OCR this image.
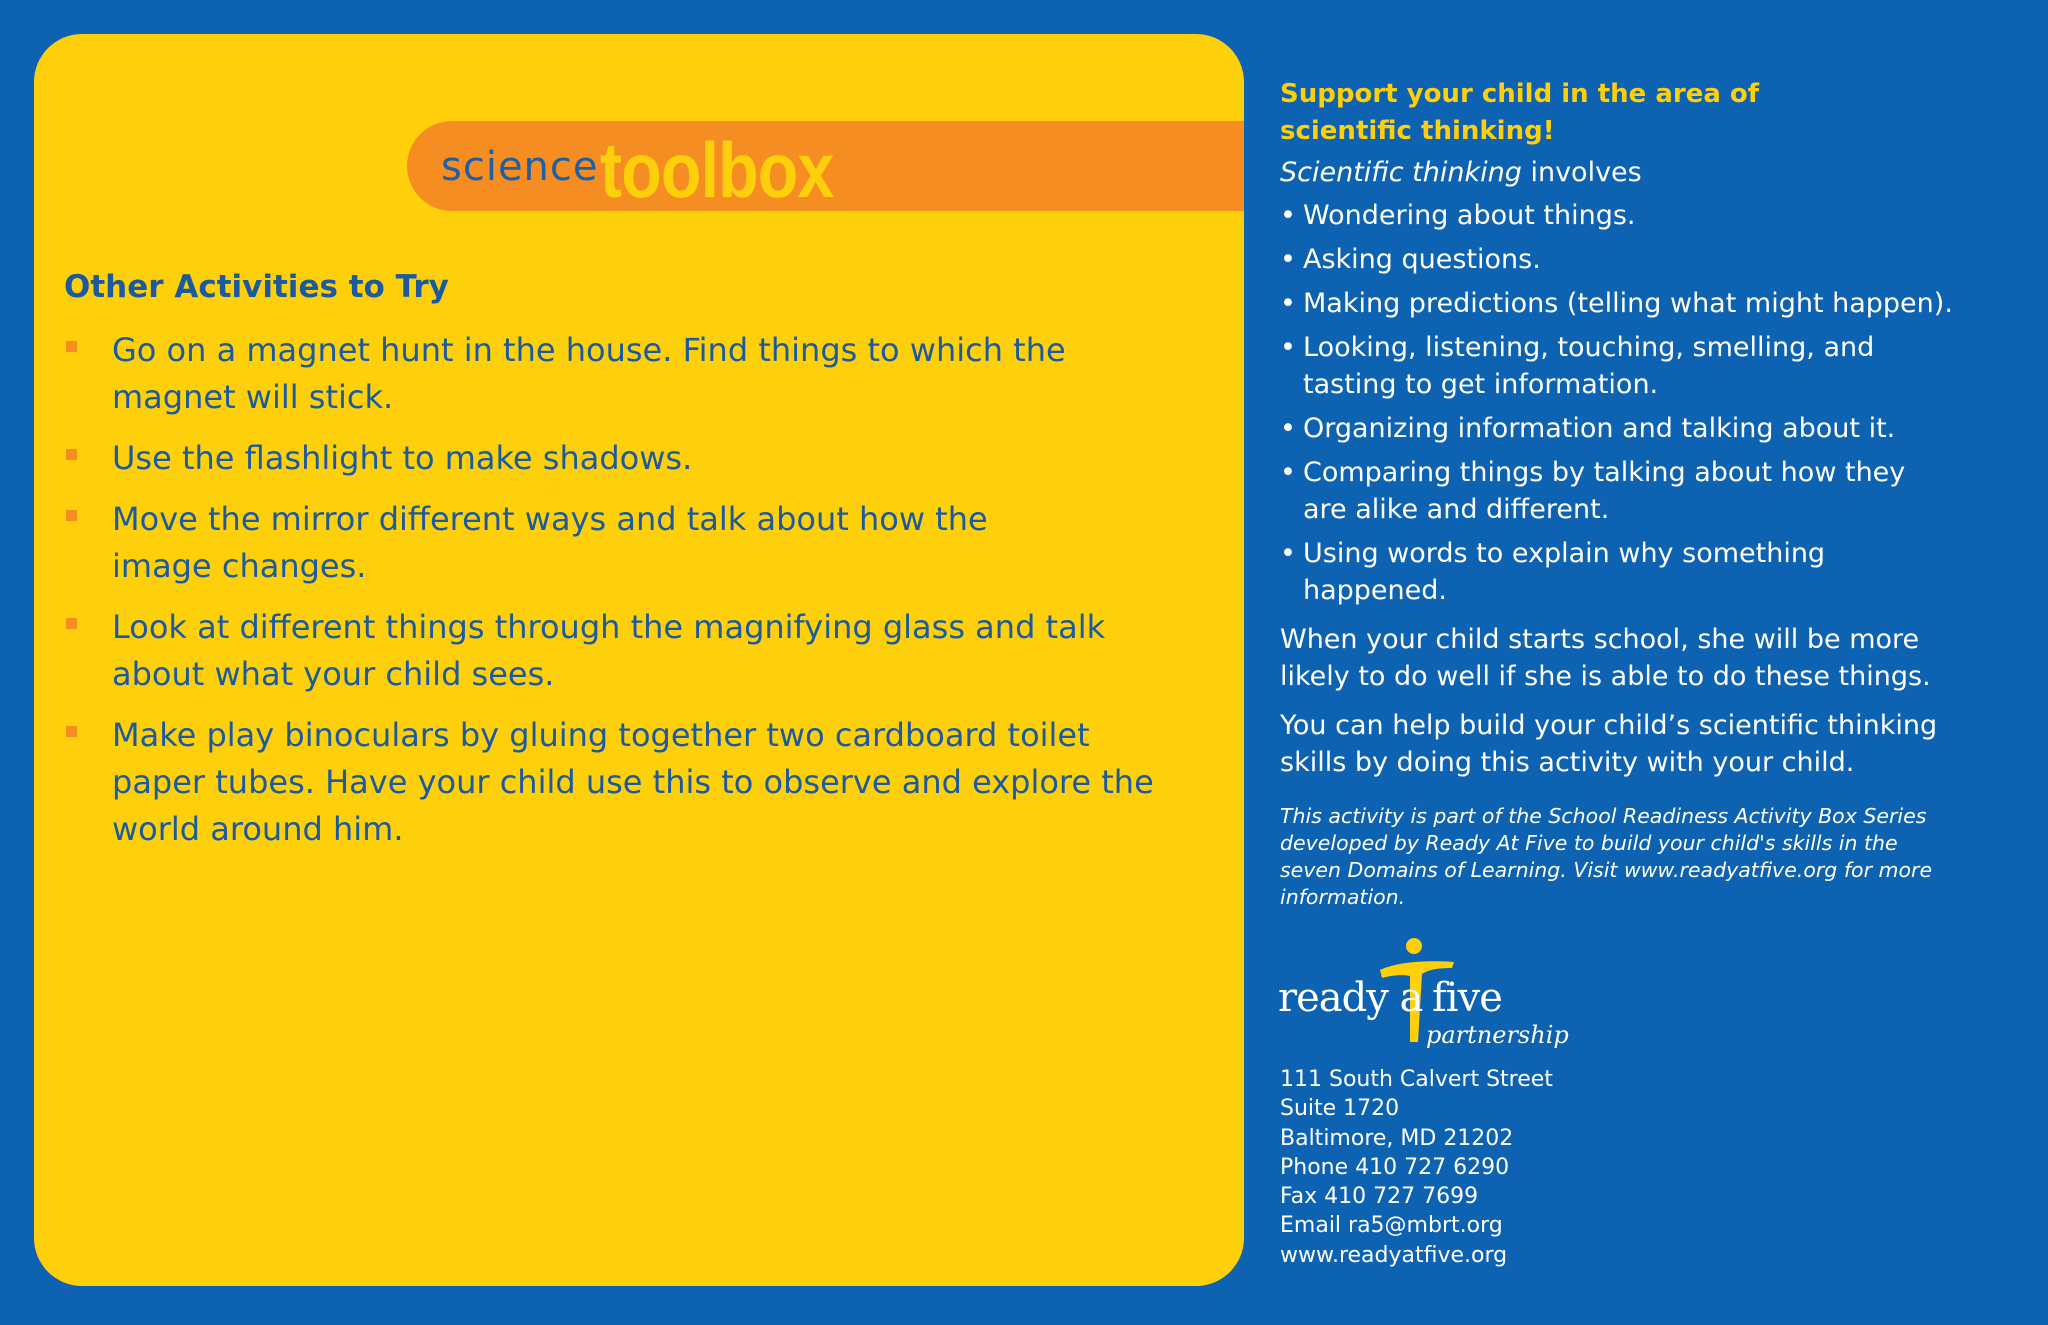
science toolbox
Other Activities to Try
Go on a magnet hunt in the house. Find things to which the magnet will stick.
Use the flashlight to make shadows.
Move the mirror different ways and talk about how the image changes.
Look at different things through the magnifying glass and talk about what your child sees.
Make play binoculars by gluing together two cardboard toilet paper tubes. Have your child use this to observe and explore the world around him.

Support your child in the area of scientific thinking!

Scientific thinking involves

• Wondering about things.
• Asking questions.
• Making predictions (telling what might happen).
• Looking, listening, touching, smelling, and tasting to get information.
• Organizing information and talking about it.
• Comparing things by talking about how they are alike and different.
• Using words to explain why something happened.

When your child starts school, she will be more likely to do well if she is able to do these things.

You can help build your child’s scientific thinking skills by doing this activity with your child.

This activity is part of the School Readiness Activity Box Series developed by Ready At Five to build your child's skills in the seven Domains of Learning. Visit www.readyatfive.org for more information.

ready a five
partnership
111 South Calvert Street
Suite 1720
Baltimore, MD 21202
Phone 410 727 6290
Fax 410 727 7699
Email ra5@mbrt.org
www.readyatfive.org
